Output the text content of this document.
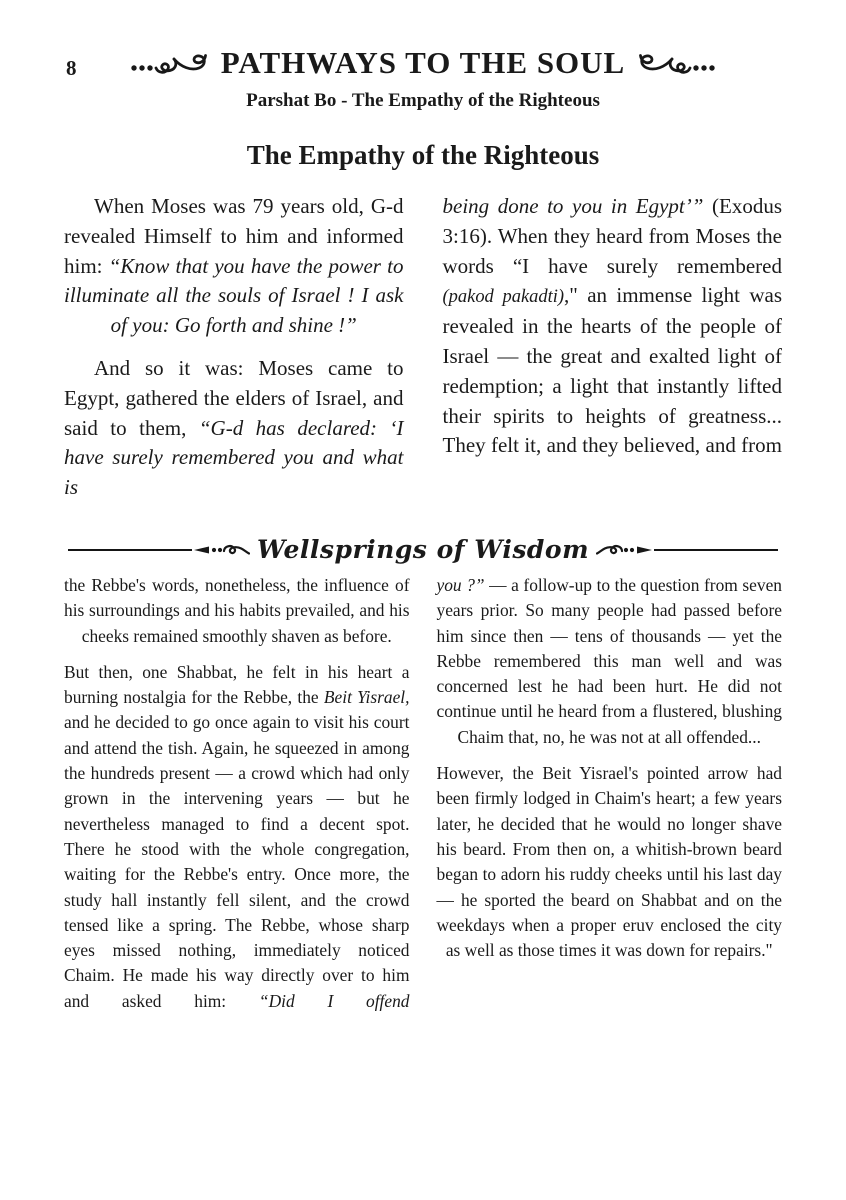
8	PATHWAYS TO THE SOUL
Parshat Bo - The Empathy of the Righteous
The Empathy of the Righteous

When Moses was 79 years old, G-d revealed Himself to him and informed him: “Know that you have the power to illuminate all the souls of Israel ! I ask of you: Go forth and shine !”

And so it was: Moses came to Egypt, gathered the elders of Israel, and said to them, “G-d has declared: ‘I have surely remembered you and what is

being done to you in Egypt’” (Exodus 3:16). When they heard from Moses the words “I have surely remembered (pakod pakadti)," an immense light was revealed in the hearts of the people of Israel — the great and exalted light of redemption; a light that instantly lifted their spirits to heights of greatness... They felt it, and they believed, and from

Wellsprings of Wisdom

the Rebbe's words, nonetheless, the influence of his surroundings and his habits prevailed, and his cheeks remained smoothly shaven as before.

But then, one Shabbat, he felt in his heart a burning nostalgia for the Rebbe, the Beit Yisrael, and he decided to go once again to visit his court and attend the tish. Again, he squeezed in among the hundreds present — a crowd which had only grown in the intervening years — but he nevertheless managed to find a decent spot. There he stood with the whole congregation, waiting for the Rebbe's entry. Once more, the study hall instantly fell silent, and the crowd tensed like a spring. The Rebbe, whose sharp eyes missed nothing, immediately noticed Chaim. He made his way directly over to him and asked him: “Did I offend

you ?” — a follow-up to the question from seven years prior. So many people had passed before him since then — tens of thousands — yet the Rebbe remembered this man well and was concerned lest he had been hurt. He did not continue until he heard from a flustered, blushing Chaim that, no, he was not at all offended...

However, the Beit Yisrael's pointed arrow had been firmly lodged in Chaim's heart; a few years later, he decided that he would no longer shave his beard. From then on, a whitish-brown beard began to adorn his ruddy cheeks until his last day — he sported the beard on Shabbat and on the weekdays when a proper eruv enclosed the city as well as those times it was down for repairs."
